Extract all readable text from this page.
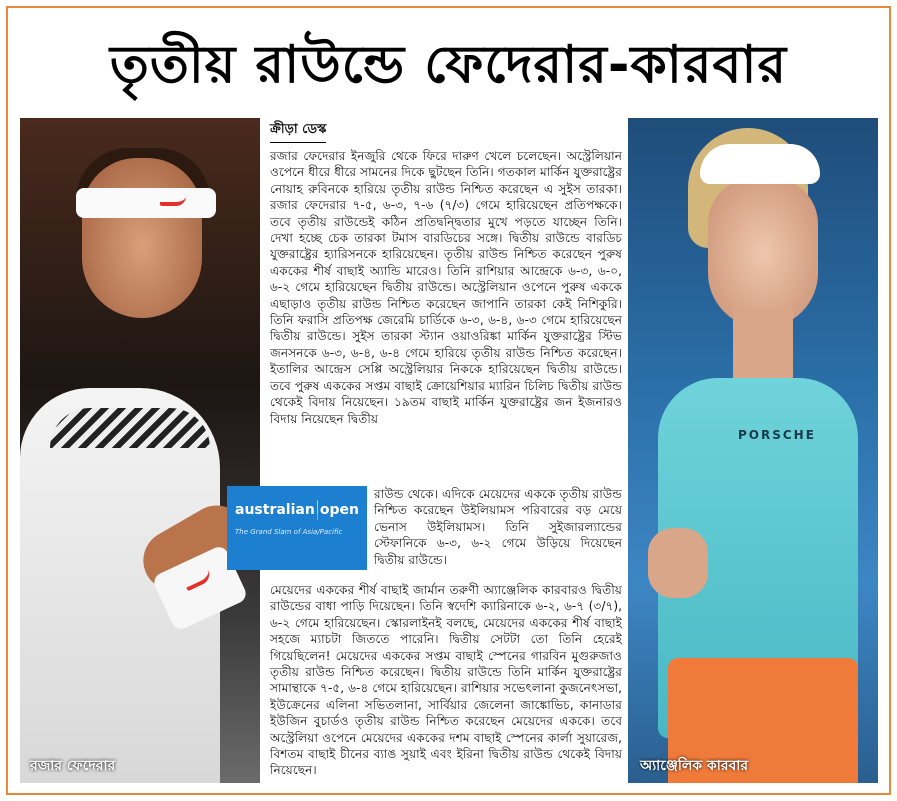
তৃতীয় রাউন্ডে ফেদেরার-কারবার
রজার ফেদেরার
PORSCHE
অ্যাঞ্জেলিক কারবার
ক্রীড়া ডেস্ক

রজার ফেদেরার ইনজুরি থেকে ফিরে দারুণ খেলে চলেছেন। অস্ট্রেলিয়ান ওপেনে ধীরে ধীরে সামনের দিকে ছুটছেন তিনি। গতকাল মার্কিন যুক্তরাষ্ট্রের নোয়াহ রুবিনকে হারিয়ে তৃতীয় রাউন্ড নিশ্চিত করেছেন এ সুইস তারকা। রজার ফেদেরার ৭-৫, ৬-৩, ৭-৬ (৭/৩) গেমে হারিয়েছেন প্রতিপক্ষকে। তবে তৃতীয় রাউন্ডেই কঠিন প্রতিদ্বন্দ্বিতার মুখে পড়তে যাচ্ছেন তিনি। দেখা হচ্ছে চেক তারকা টমাস বারডিচের সঙ্গে। দ্বিতীয় রাউন্ডে বারডিচ যুক্তরাষ্ট্রের হ্যারিসনকে হারিয়েছেন। তৃতীয় রাউন্ড নিশ্চিত করেছেন পুরুষ এককের শীর্ষ বাছাই অ্যান্ডি মারেও। তিনি রাশিয়ার আন্দ্রেকে ৬-৩, ৬-০, ৬-২ গেমে হারিয়েছেন দ্বিতীয় রাউন্ডে। অস্ট্রেলিয়ান ওপেনে পুরুষ এককে এছাড়াও তৃতীয় রাউন্ড নিশ্চিত করেছেন জাপানি তারকা কেই নিশিকুরি। তিনি ফরাসি প্রতিপক্ষ জেরেমি চার্ডিকে ৬-৩, ৬-৪, ৬-৩ গেমে হারিয়েছেন দ্বিতীয় রাউন্ডে। সুইস তারকা স্ট্যান ওয়াওরিঙ্কা মার্কিন যুক্তরাষ্ট্রের স্টিভ জনসনকে ৬-৩, ৬-৪, ৬-৪ গেমে হারিয়ে তৃতীয় রাউন্ড নিশ্চিত করেছেন। ইতালির আন্দ্রেস সেপ্পি অস্ট্রেলিয়ার নিককে হারিয়েছেন দ্বিতীয় রাউন্ডে। তবে পুরুষ এককের সপ্তম বাছাই ক্রোয়েশিয়ার ম্যারিন চিলিচ দ্বিতীয় রাউন্ড থেকেই বিদায় নিয়েছেন। ১৯তম বাছাই মার্কিন যুক্তরাষ্ট্রের জন ইজনারও বিদায় নিয়েছেন দ্বিতীয়

australian open
The Grand Slam of Asia/Pacific

রাউন্ড থেকে। এদিকে মেয়েদের এককে তৃতীয় রাউন্ড নিশ্চিত করেছেন উইলিয়ামস পরিবারের বড় মেয়ে ভেনাস উইলিয়ামস। তিনি সুইজারল্যান্ডের স্টেফানিকে ৬-৩, ৬-২ গেমে উড়িয়ে দিয়েছেন দ্বিতীয় রাউন্ডে।

মেয়েদের এককের শীর্ষ বাছাই জার্মান তরুণী অ্যাঞ্জেলিক কারবারও দ্বিতীয় রাউন্ডের বাধা পাড়ি দিয়েছেন। তিনি স্বদেশি ক্যারিনাকে ৬-২, ৬-৭ (৩/৭), ৬-২ গেমে হারিয়েছেন। স্কোরলাইনই বলছে, মেয়েদের এককের শীর্ষ বাছাই সহজে ম্যাচটা জিততে পারেনি। দ্বিতীয় সেটটা তো তিনি হেরেই গিয়েছিলেন! মেয়েদের এককের সপ্তম বাছাই স্পেনের গারবিন মুগুরুজাও তৃতীয় রাউন্ড নিশ্চিত করেছেন। দ্বিতীয় রাউন্ডে তিনি মার্কিন যুক্তরাষ্ট্রের সামান্থাকে ৭-৫, ৬-৪ গেমে হারিয়েছেন। রাশিয়ার সভেৎলানা কুজনেৎসভা, ইউক্রেনের এলিনা সভিতলানা, সার্বিয়ার জেলেনা জাঙ্কোভিচ, কানাডার ইউজিন বুচার্ডও তৃতীয় রাউন্ড নিশ্চিত করেছেন মেয়েদের এককে। তবে অস্ট্রেলিয়া ওপেনে মেয়েদের এককের দশম বাছাই স্পেনের কার্লা সুয়ারেজ, বিশতম বাছাই চীনের ব্যাঙ সুয়াই এবং ইরিনা দ্বিতীয় রাউন্ড থেকেই বিদায় নিয়েছেন।
